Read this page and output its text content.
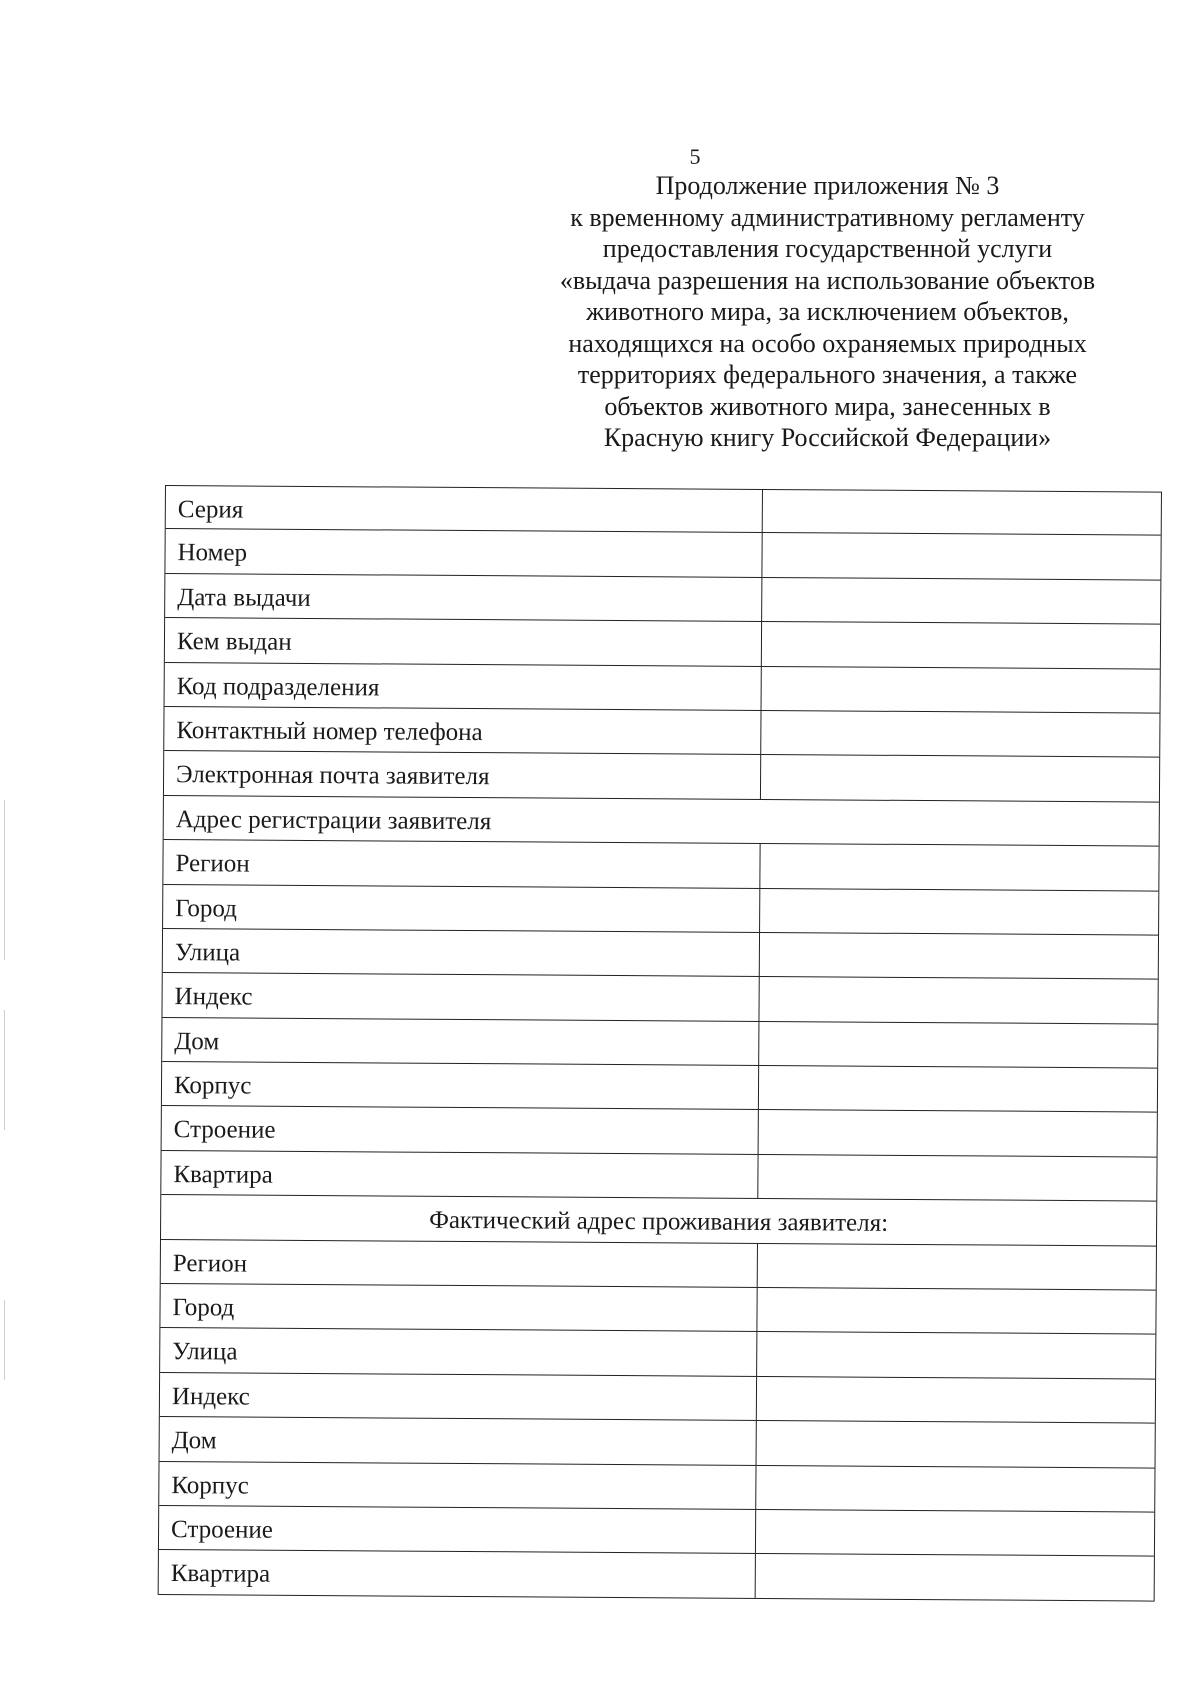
5
Продолжение приложения № 3
к временному административному регламенту
предоставления государственной услуги
«выдача разрешения на использование объектов
животного мира, за исключением объектов,
находящихся на особо охраняемых природных
территориях федерального значения, а также
объектов животного мира, занесенных в
Красную книгу Российской Федерации»
Серия
Номер
Дата выдачи
Кем выдан
Код подразделения
Контактный номер телефона
Электронная почта заявителя
Адрес регистрации заявителя
Регион
Город
Улица
Индекс
Дом
Корпус
Строение
Квартира
Фактический адрес проживания заявителя:
Регион
Город
Улица
Индекс
Дом
Корпус
Строение
Квартира
